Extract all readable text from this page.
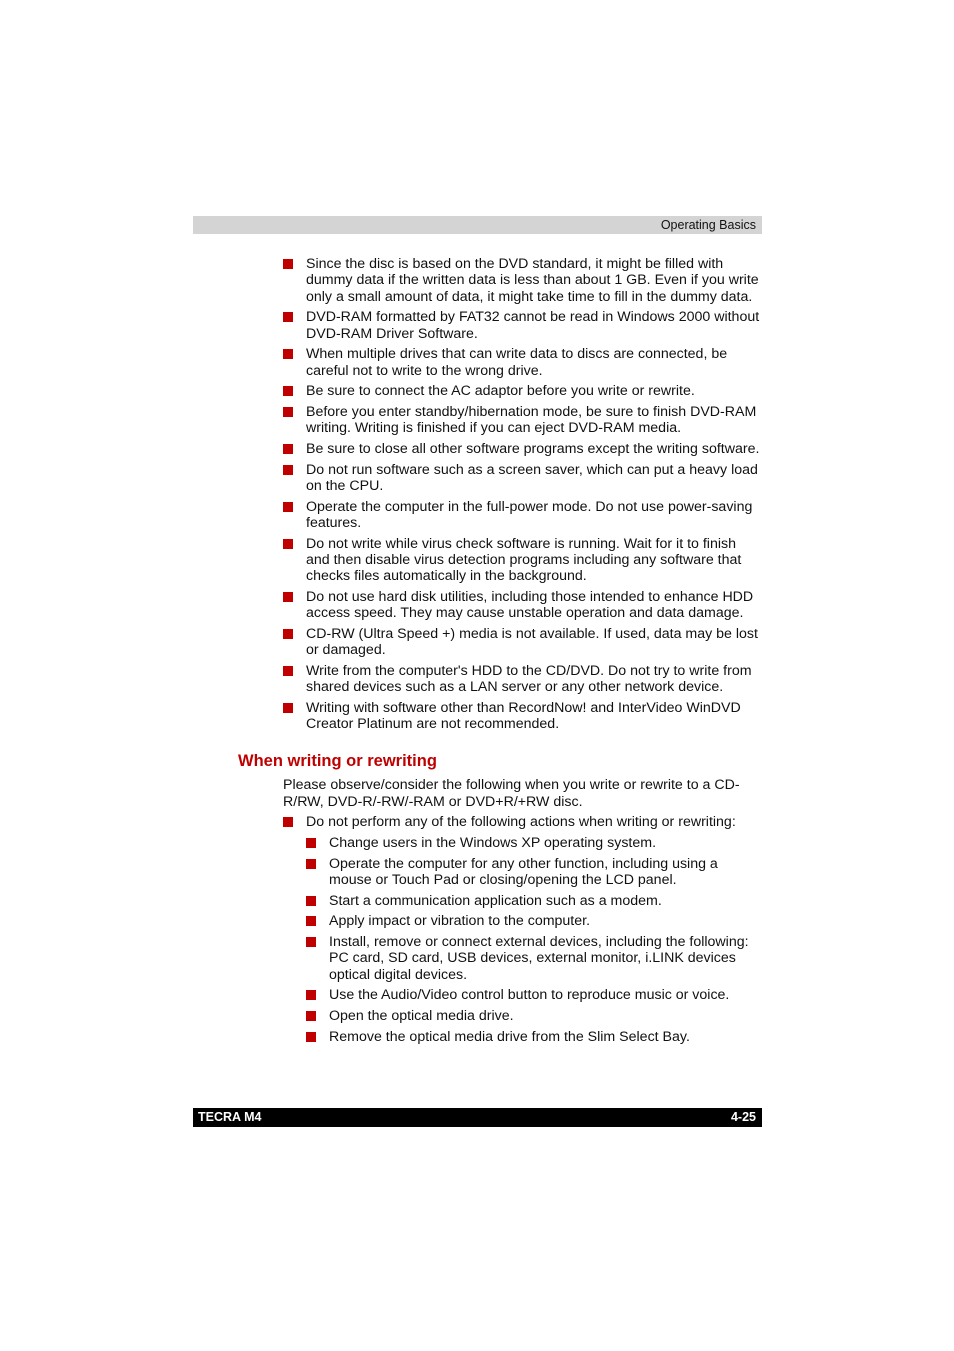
Operating Basics
Since the disc is based on the DVD standard, it might be filled with dummy data if the written data is less than about 1 GB. Even if you write only a small amount of data, it might take time to fill in the dummy data.
DVD-RAM formatted by FAT32 cannot be read in Windows 2000 without DVD-RAM Driver Software.
When multiple drives that can write data to discs are connected, be careful not to write to the wrong drive.
Be sure to connect the AC adaptor before you write or rewrite.
Before you enter standby/hibernation mode, be sure to finish DVD-RAM writing. Writing is finished if you can eject DVD-RAM media.
Be sure to close all other software programs except the writing software.
Do not run software such as a screen saver, which can put a heavy load on the CPU.
Operate the computer in the full-power mode. Do not use power-saving features.
Do not write while virus check software is running. Wait for it to finish and then disable virus detection programs including any software that checks files automatically in the background.
Do not use hard disk utilities, including those intended to enhance HDD access speed. They may cause unstable operation and data damage.
CD-RW (Ultra Speed +) media is not available. If used, data may be lost or damaged.
Write from the computer's HDD to the CD/DVD. Do not try to write from shared devices such as a LAN server or any other network device.
Writing with software other than RecordNow! and InterVideo WinDVD Creator Platinum are not recommended.
When writing or rewriting

Please observe/consider the following when you write or rewrite to a CD-R/RW, DVD-R/-RW/-RAM or DVD+R/+RW disc.

Do not perform any of the following actions when writing or rewriting:
Change users in the Windows XP operating system.
Operate the computer for any other function, including using a mouse or Touch Pad or closing/opening the LCD panel.
Start a communication application such as a modem.
Apply impact or vibration to the computer.
Install, remove or connect external devices, including the following: PC card, SD card, USB devices, external monitor, i.LINK devices optical digital devices.
Use the Audio/Video control button to reproduce music or voice.
Open the optical media drive.
Remove the optical media drive from the Slim Select Bay.
TECRA M4	4-25
